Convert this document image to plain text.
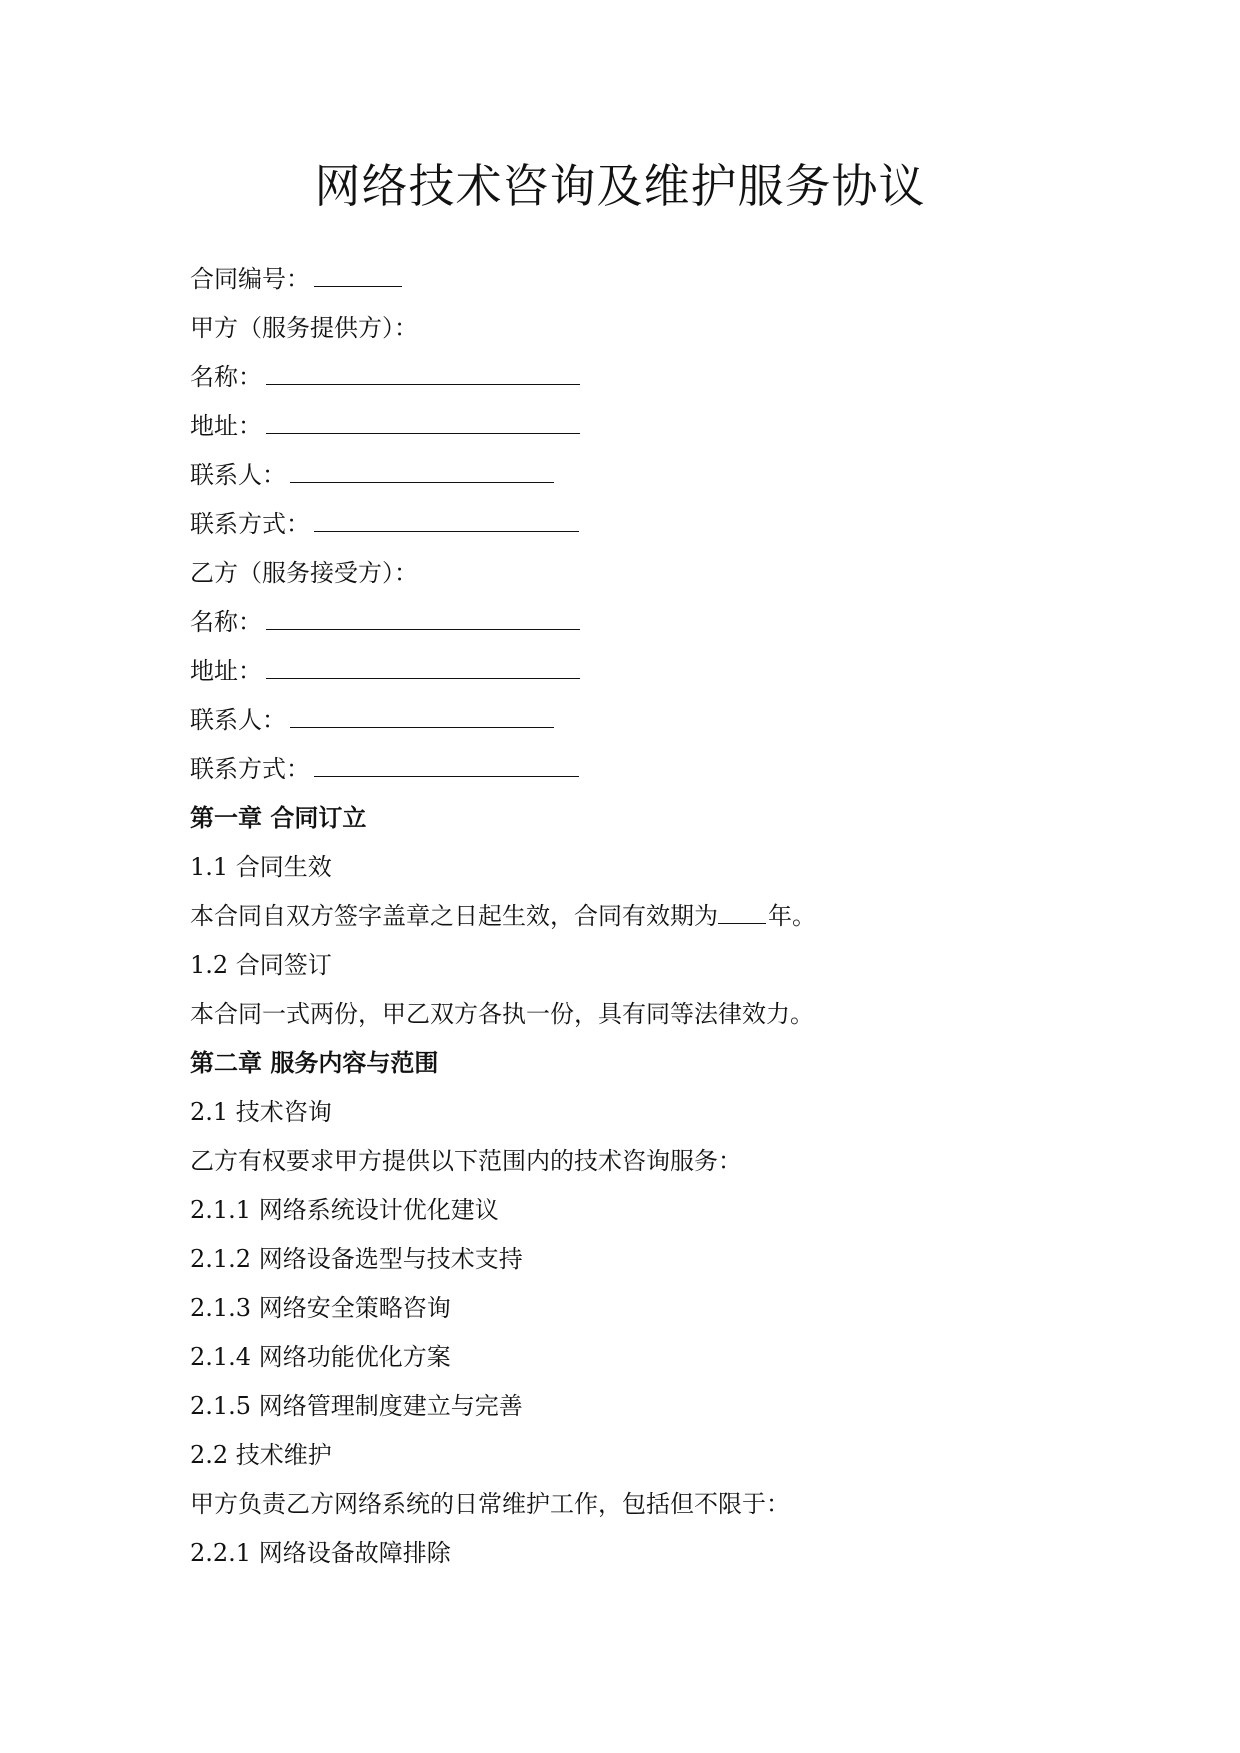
网络技术咨询及维护服务协议
合同编号：
甲方（服务提供方）：
名称：
地址：
联系人：
联系方式：
乙方（服务接受方）：
名称：
地址：
联系人：
联系方式：
第一章 合同订立
1.1 合同生效
本合同自双方签字盖章之日起生效，合同有效期为 年。
1.2 合同签订
本合同一式两份，甲乙双方各执一份，具有同等法律效力。
第二章 服务内容与范围
2.1 技术咨询
乙方有权要求甲方提供以下范围内的技术咨询服务：
2.1.1 网络系统设计优化建议
2.1.2 网络设备选型与技术支持
2.1.3 网络安全策略咨询
2.1.4 网络功能优化方案
2.1.5 网络管理制度建立与完善
2.2 技术维护
甲方负责乙方网络系统的日常维护工作，包括但不限于：
2.2.1 网络设备故障排除
